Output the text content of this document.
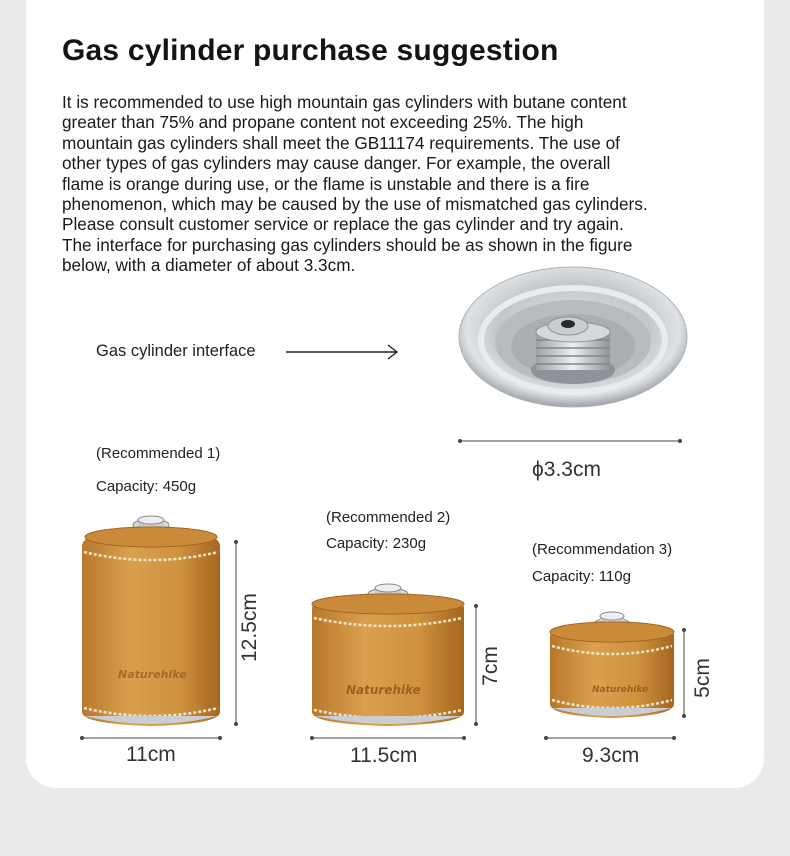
Gas cylinder purchase suggestion
It is recommended to use high mountain gas cylinders with butane content
greater than 75% and propane content not exceeding 25%. The high
mountain gas cylinders shall meet the GB11174 requirements. The use of
other types of gas cylinders may cause danger. For example, the overall
flame is orange during use, or the flame is unstable and there is a fire
phenomenon, which may be caused by the use of mismatched gas cylinders.
Please consult customer service or replace the gas cylinder and try again.
The interface for purchasing gas cylinders should be as shown in the figure
below, with a diameter of about 3.3cm.
Gas cylinder interface
Naturehike
Naturehike	Naturehike
ϕ3.3cm
(Recommended 1)
Capacity: 450g
12.5cm
11cm
(Recommended 2)
Capacity: 230g
7cm
11.5cm
(Recommendation 3)
Capacity: 110g
5cm
9.3cm
